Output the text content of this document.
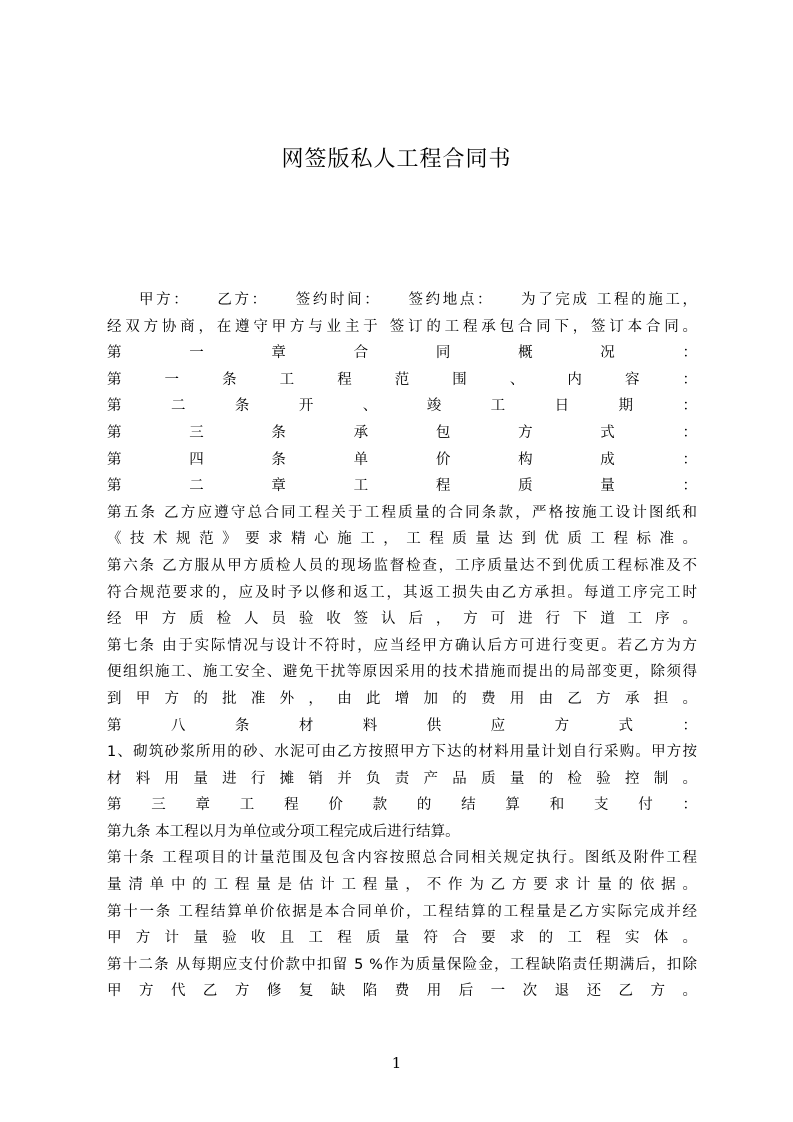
网签版私人工程合同书
甲方：　　乙方：　　签约时间：　　签约地点：　　为了完成 工程的施工，
经双方协商，在遵守甲方与业主于 签订的工程承包合同下，签订本合同。
第 一 章 合 同 概 况 ：
第 一 条 工 程 范 围 、 内 容 ：
第 二 条 开 、 竣 工 日 期 ：
第 三 条 承 包 方 式 ：
第 四 条 单 价 构 成 ：
第 二 章 工 程 质 量 ：
第五条 乙方应遵守总合同工程关于工程质量的合同条款，严格按施工设计图纸和
《技术规范》要求精心施工，工程质量达到优质工程标准。
第六条 乙方服从甲方质检人员的现场监督检查，工序质量达不到优质工程标准及不
符合规范要求的，应及时予以修和返工，其返工损失由乙方承担。每道工序完工时
经甲方质检人员验收签认后，方可进行下道工序。
第七条 由于实际情况与设计不符时，应当经甲方确认后方可进行变更。若乙方为方
便组织施工、施工安全、避免干扰等原因采用的技术措施而提出的局部变更，除须得
到甲方的批准外，由此增加的费用由乙方承担。
第 八 条 材 料 供 应 方 式 ：
1、砌筑砂浆所用的砂、水泥可由乙方按照甲方下达的材料用量计划自行采购。甲方按
材料用量进行摊销并负责产品质量的检验控制。
第 三 章 工 程 价 款 的 结 算 和 支 付 ：
第九条 本工程以月为单位或分项工程完成后进行结算。
第十条 工程项目的计量范围及包含内容按照总合同相关规定执行。图纸及附件工程
量清单中的工程量是估计工程量，不作为乙方要求计量的依据。
第十一条 工程结算单价依据是本合同单价，工程结算的工程量是乙方实际完成并经
甲方计量验收且工程质量符合要求的工程实体。
第十二条 从每期应支付价款中扣留 5 %作为质量保险金，工程缺陷责任期满后，扣除
甲方代乙方修复缺陷费用后一次退还乙方。
1
